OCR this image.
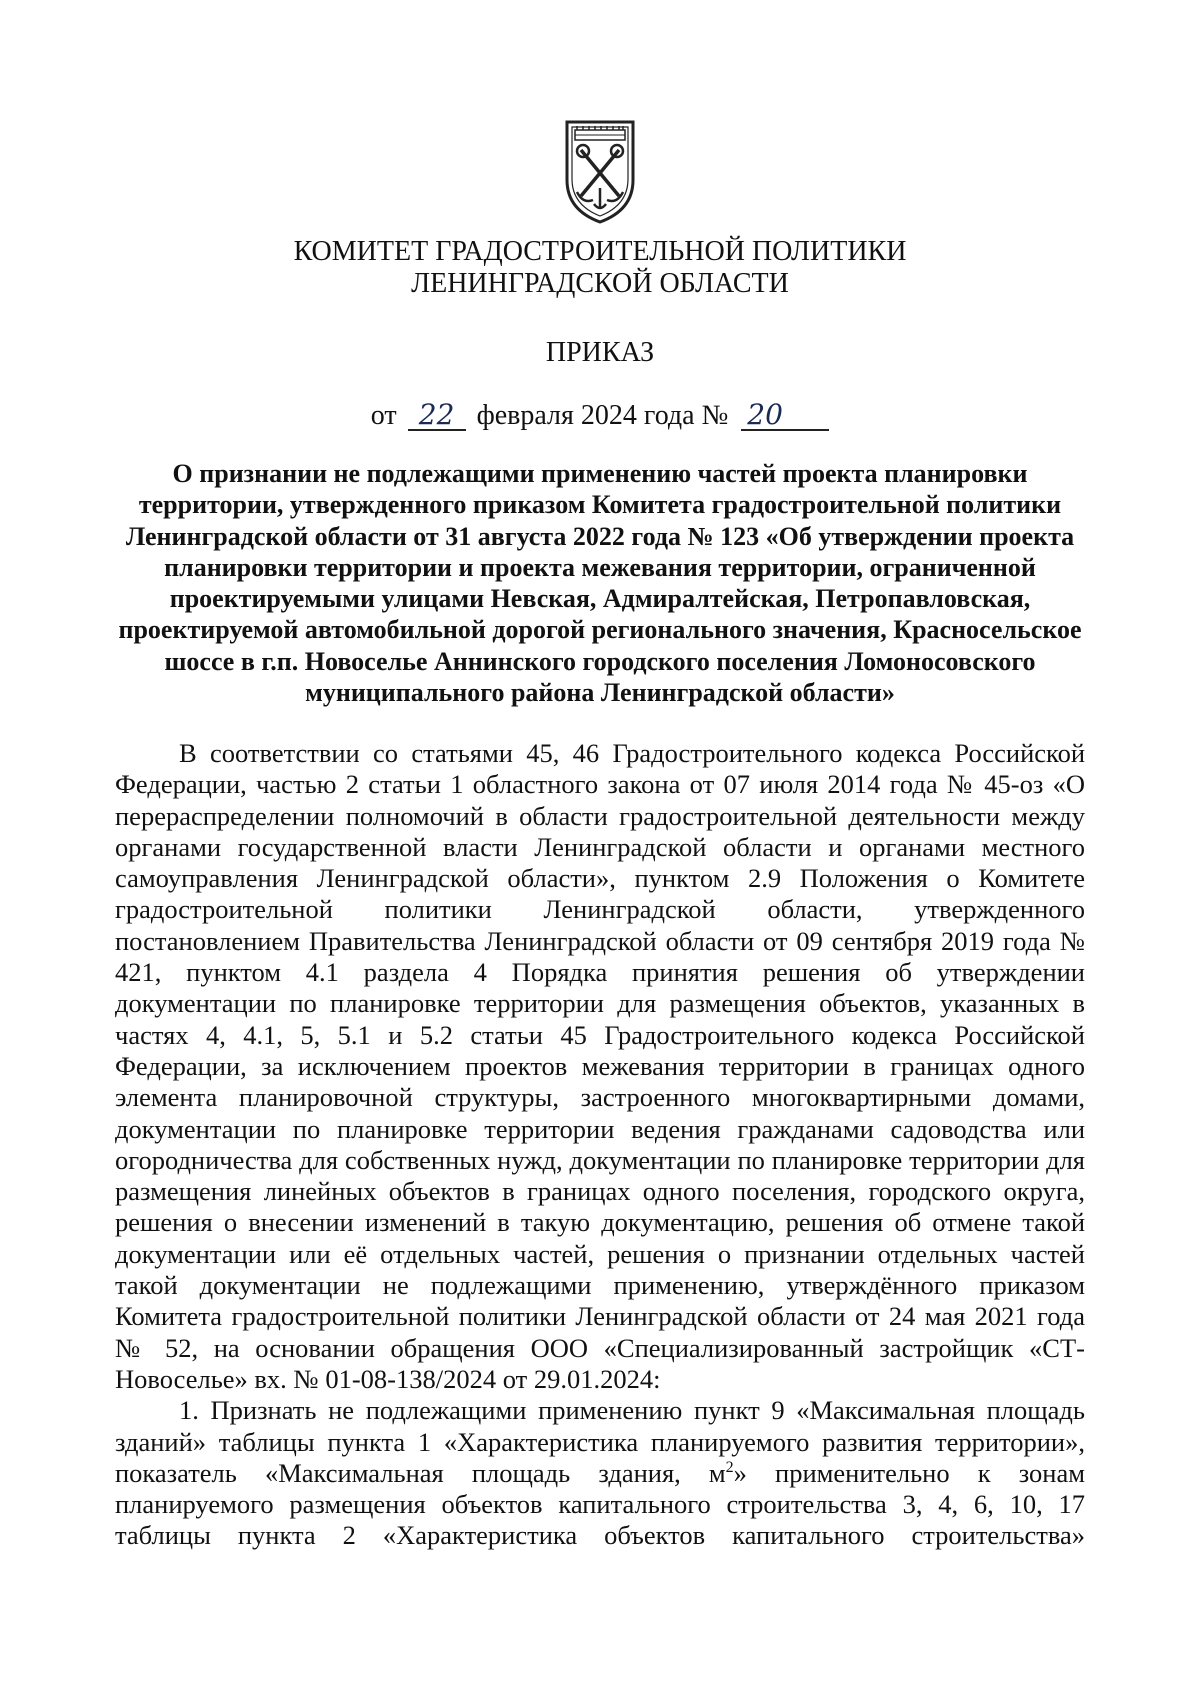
КОМИТЕТ ГРАДОСТРОИТЕЛЬНОЙ ПОЛИТИКИ
ЛЕНИНГРАДСКОЙ ОБЛАСТИ
ПРИКАЗ
от 22 февраля 2024 года № 20
О признании не подлежащими применению частей проекта планировки территории, утвержденного приказом Комитета градостроительной политики Ленинградской области от 31 августа 2022 года № 123 «Об утверждении проекта планировки территории и проекта межевания территории, ограниченной проектируемыми улицами Невская, Адмиралтейская, Петропавловская, проектируемой автомобильной дорогой регионального значения, Красносельское шоссе в г.п. Новоселье Аннинского городского поселения Ломоносовского муниципального района Ленинградской области»

В соответствии со статьями 45, 46 Градостроительного кодекса Российской Федерации, частью 2 статьи 1 областного закона от 07 июля 2014 года № 45-оз «О перераспределении полномочий в области градостроительной деятельности между органами государственной власти Ленинградской области и органами местного самоуправления Ленинградской области», пунктом 2.9 Положения о Комитете градостроительной политики Ленинградской области, утвержденного постановлением Правительства Ленинградской области от 09 сентября 2019 года № 421, пунктом 4.1 раздела 4 Порядка принятия решения об утверждении документации по планировке территории для размещения объектов, указанных в частях 4, 4.1, 5, 5.1 и 5.2 статьи 45 Градостроительного кодекса Российской Федерации, за исключением проектов межевания территории в границах одного элемента планировочной структуры, застроенного многоквартирными домами, документации по планировке территории ведения гражданами садоводства или огородничества для собственных нужд, документации по планировке территории для размещения линейных объектов в границах одного поселения, городского округа, решения о внесении изменений в такую документацию, решения об отмене такой документации или её отдельных частей, решения о признании отдельных частей такой документации не подлежащими применению, утверждённого приказом Комитета градостроительной политики Ленинградской области от 24 мая 2021 года № 52, на основании обращения ООО «Специализированный застройщик «СТ-Новоселье» вх. № 01-08-138/2024 от 29.01.2024:

1. Признать не подлежащими применению пункт 9 «Максимальная площадь зданий» таблицы пункта 1 «Характеристика планируемого развития территории», показатель «Максимальная площадь здания, $м^2$» применительно к зонам планируемого размещения объектов капитального строительства 3, 4, 6, 10, 17 таблицы пункта 2 «Характеристика объектов капитального строительства»
